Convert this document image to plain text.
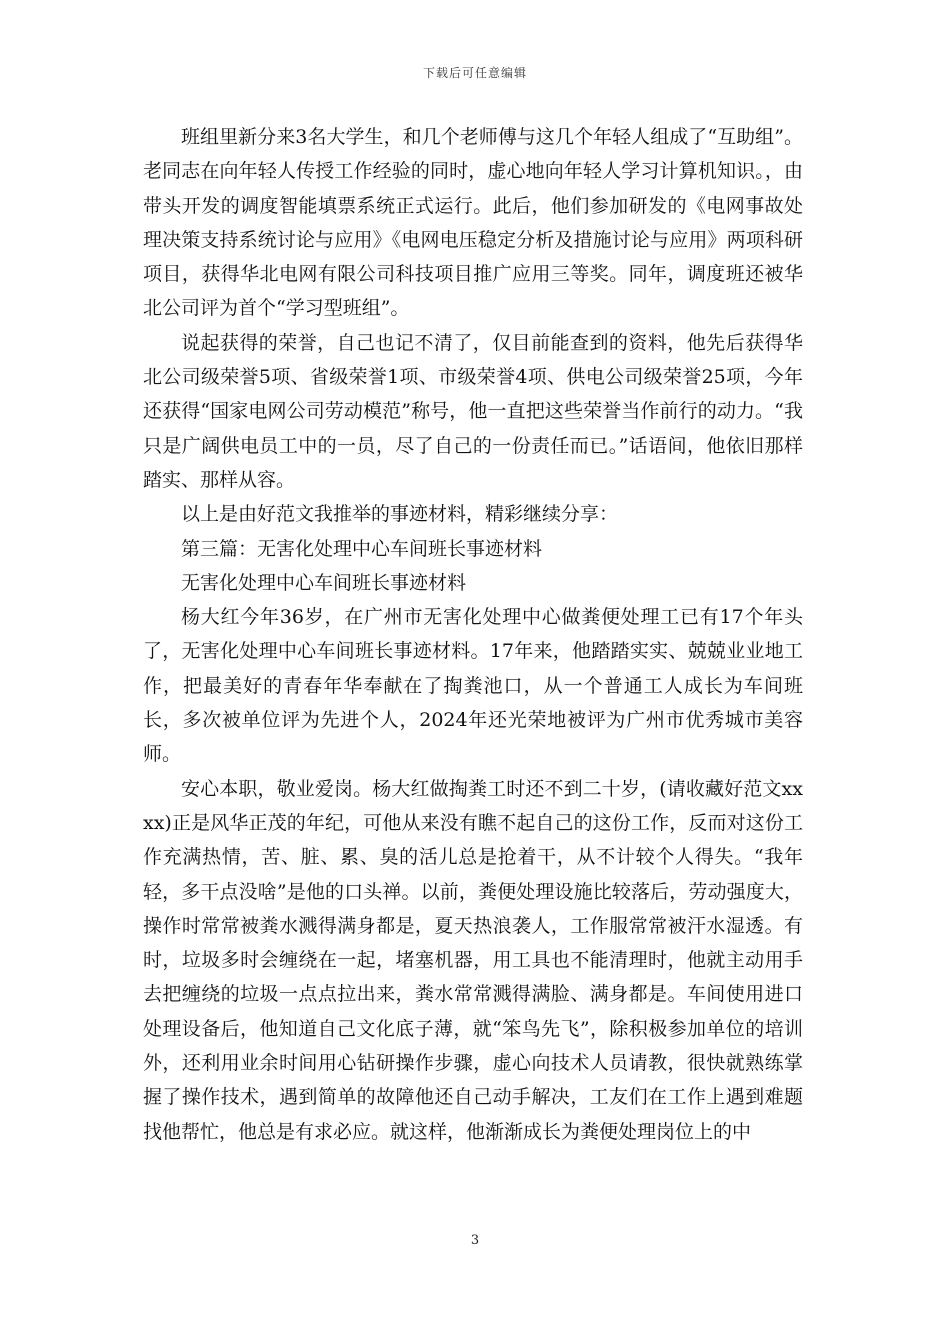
下载后可任意编辑

班组里新分来3名大学生，和几个老师傅与这几个年轻人组成了“互助组”。老同志在向年轻人传授工作经验的同时，虚心地向年轻人学习计算机知识。，由带头开发的调度智能填票系统正式运行。此后，他们参加研发的《电网事故处理决策支持系统讨论与应用》《电网电压稳定分析及措施讨论与应用》两项科研项目，获得华北电网有限公司科技项目推广应用三等奖。同年，调度班还被华北公司评为首个“学习型班组”。

说起获得的荣誉，自己也记不清了，仅目前能查到的资料，他先后获得华北公司级荣誉5项、省级荣誉1项、市级荣誉4项、供电公司级荣誉25项，今年还获得“国家电网公司劳动模范”称号，他一直把这些荣誉当作前行的动力。“我只是广阔供电员工中的一员，尽了自己的一份责任而已。”话语间，他依旧那样踏实、那样从容。

以上是由好范文我推举的事迹材料，精彩继续分享：

第三篇：无害化处理中心车间班长事迹材料

无害化处理中心车间班长事迹材料

杨大红今年36岁，在广州市无害化处理中心做粪便处理工已有17个年头了，无害化处理中心车间班长事迹材料。17年来，他踏踏实实、兢兢业业地工作，把最美好的青春年华奉献在了掏粪池口，从一个普通工人成长为车间班长，多次被单位评为先进个人，2024年还光荣地被评为广州市优秀城市美容师。

安心本职，敬业爱岗。杨大红做掏粪工时还不到二十岁，(请收藏好范文xxxx)正是风华正茂的年纪，可他从来没有瞧不起自己的这份工作，反而对这份工作充满热情，苦、脏、累、臭的活儿总是抢着干，从不计较个人得失。“我年轻，多干点没啥”是他的口头禅。以前，粪便处理设施比较落后，劳动强度大，操作时常常被粪水溅得满身都是，夏天热浪袭人，工作服常常被汗水湿透。有时，垃圾多时会缠绕在一起，堵塞机器，用工具也不能清理时，他就主动用手去把缠绕的垃圾一点点拉出来，粪水常常溅得满脸、满身都是。车间使用进口处理设备后，他知道自己文化底子薄，就“笨鸟先飞”，除积极参加单位的培训外，还利用业余时间用心钻研操作步骤，虚心向技术人员请教，很快就熟练掌握了操作技术，遇到简单的故障他还自己动手解决，工友们在工作上遇到难题找他帮忙，他总是有求必应。就这样，他渐渐成长为粪便处理岗位上的中

3
